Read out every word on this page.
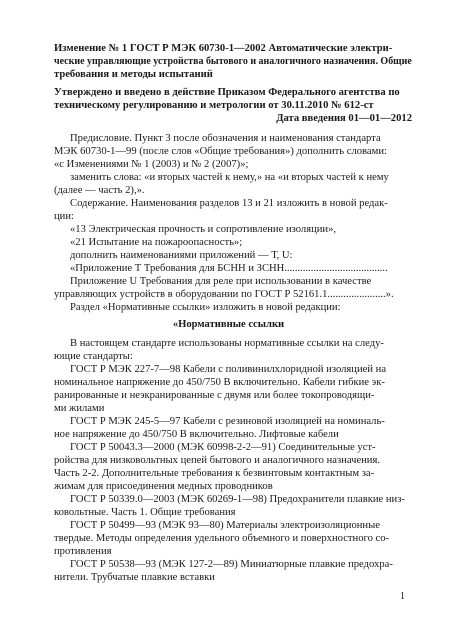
Изменение № 1 ГОСТ Р МЭК 60730-1—2002 Автоматические электри-
ческие управляющие устройства бытового и аналогичного назначения. Общие
требования и методы испытаний
Утверждено и введено в действие Приказом Федерального агентства по
техническому регулированию и метрологии от 30.11.2010 № 612-ст
Дата введения 01—01—2012
Предисловие. Пункт 3 после обозначения и наименования стандарта
МЭК 60730-1—99 (после слов «Общие требования») дополнить словами:
«с Изменениями № 1 (2003) и № 2 (2007)»;
заменить слова: «и вторых частей к нему,» на «и вторых частей к нему
(далее — часть 2),».
Содержание. Наименования разделов 13 и 21 изложить в новой редак-
ции:
«13 Электрическая прочность и сопротивление изоляции»,
«21 Испытание на пожароопасность»;
дополнить наименованиями приложений — Т, U:
«Приложение Т Требования для БСНН и ЗСНН.......................................
Приложение U Требования для реле при использовании в качестве
управляющих устройств в оборудовании по ГОСТ Р 52161.1......................».
Раздел «Нормативные ссылки» изложить в новой редакции:
«Нормативные ссылки
В настоящем стандарте использованы нормативные ссылки на следу-
ющие стандарты:
ГОСТ Р МЭК 227-7—98 Кабели с поливинилхлоридной изоляцией на
номинальное напряжение до 450/750 В включительно. Кабели гибкие эк-
ранированные и неэкранированные с двумя или более токопроводящи-
ми жилами
ГОСТ Р МЭК 245-5—97 Кабели с резиновой изоляцией на номиналь-
ное напряжение до 450/750 В включительно. Лифтовые кабели
ГОСТ Р 50043.3—2000 (МЭК 60998-2-2—91) Соединительные уст-
ройства для низковольтных цепей бытового и аналогичного назначения.
Часть 2-2. Дополнительные требования к безвинтовым контактным за-
жимам для присоединения медных проводников
ГОСТ Р 50339.0—2003 (МЭК 60269-1—98) Предохранители плавкие низ-
ковольтные. Часть 1. Общие требования
ГОСТ Р 50499—93 (МЭК 93—80) Материалы электроизоляционные
твердые. Методы определения удельного объемного и поверхностного со-
противления
ГОСТ Р 50538—93 (МЭК 127-2—89) Миниатюрные плавкие предохра-
нители. Трубчатые плавкие вставки
1
